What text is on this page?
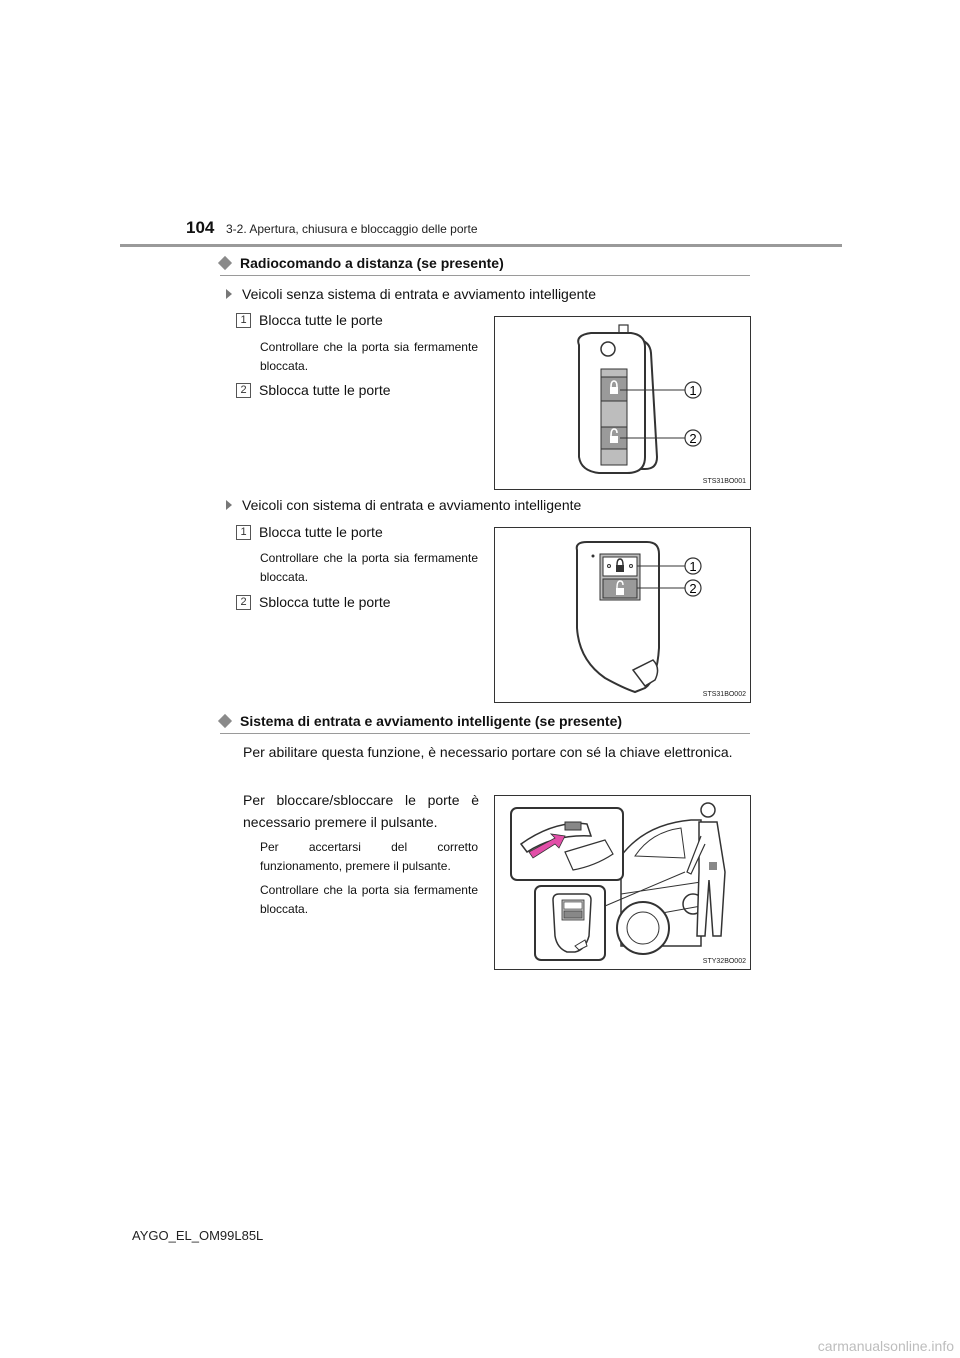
104 3-2. Apertura, chiusura e bloccaggio delle porte
Radiocomando a distanza (se presente)
Veicoli senza sistema di entrata e avviamento intelligente
1 Blocca tutte le porte
Controllare che la porta sia fermamente bloccata.
2 Sblocca tutte le porte	1
2
STS31BO001
Veicoli con sistema di entrata e avviamento intelligente
1 Blocca tutte le porte
Controllare che la porta sia fermamente bloccata.
2 Sblocca tutte le porte
1
2
STS31BO002
Sistema di entrata e avviamento intelligente (se presente)
Per abilitare questa funzione, è necessario portare con sé la chiave elettronica.
Per bloccare/sbloccare le porte è necessario premere il pulsante.
Per accertarsi del corretto funzionamento, premere il pulsante.
Controllare che la porta sia fermamente bloccata.
STY32BO002
AYGO_EL_OM99L85L
carmanualsonline.info
